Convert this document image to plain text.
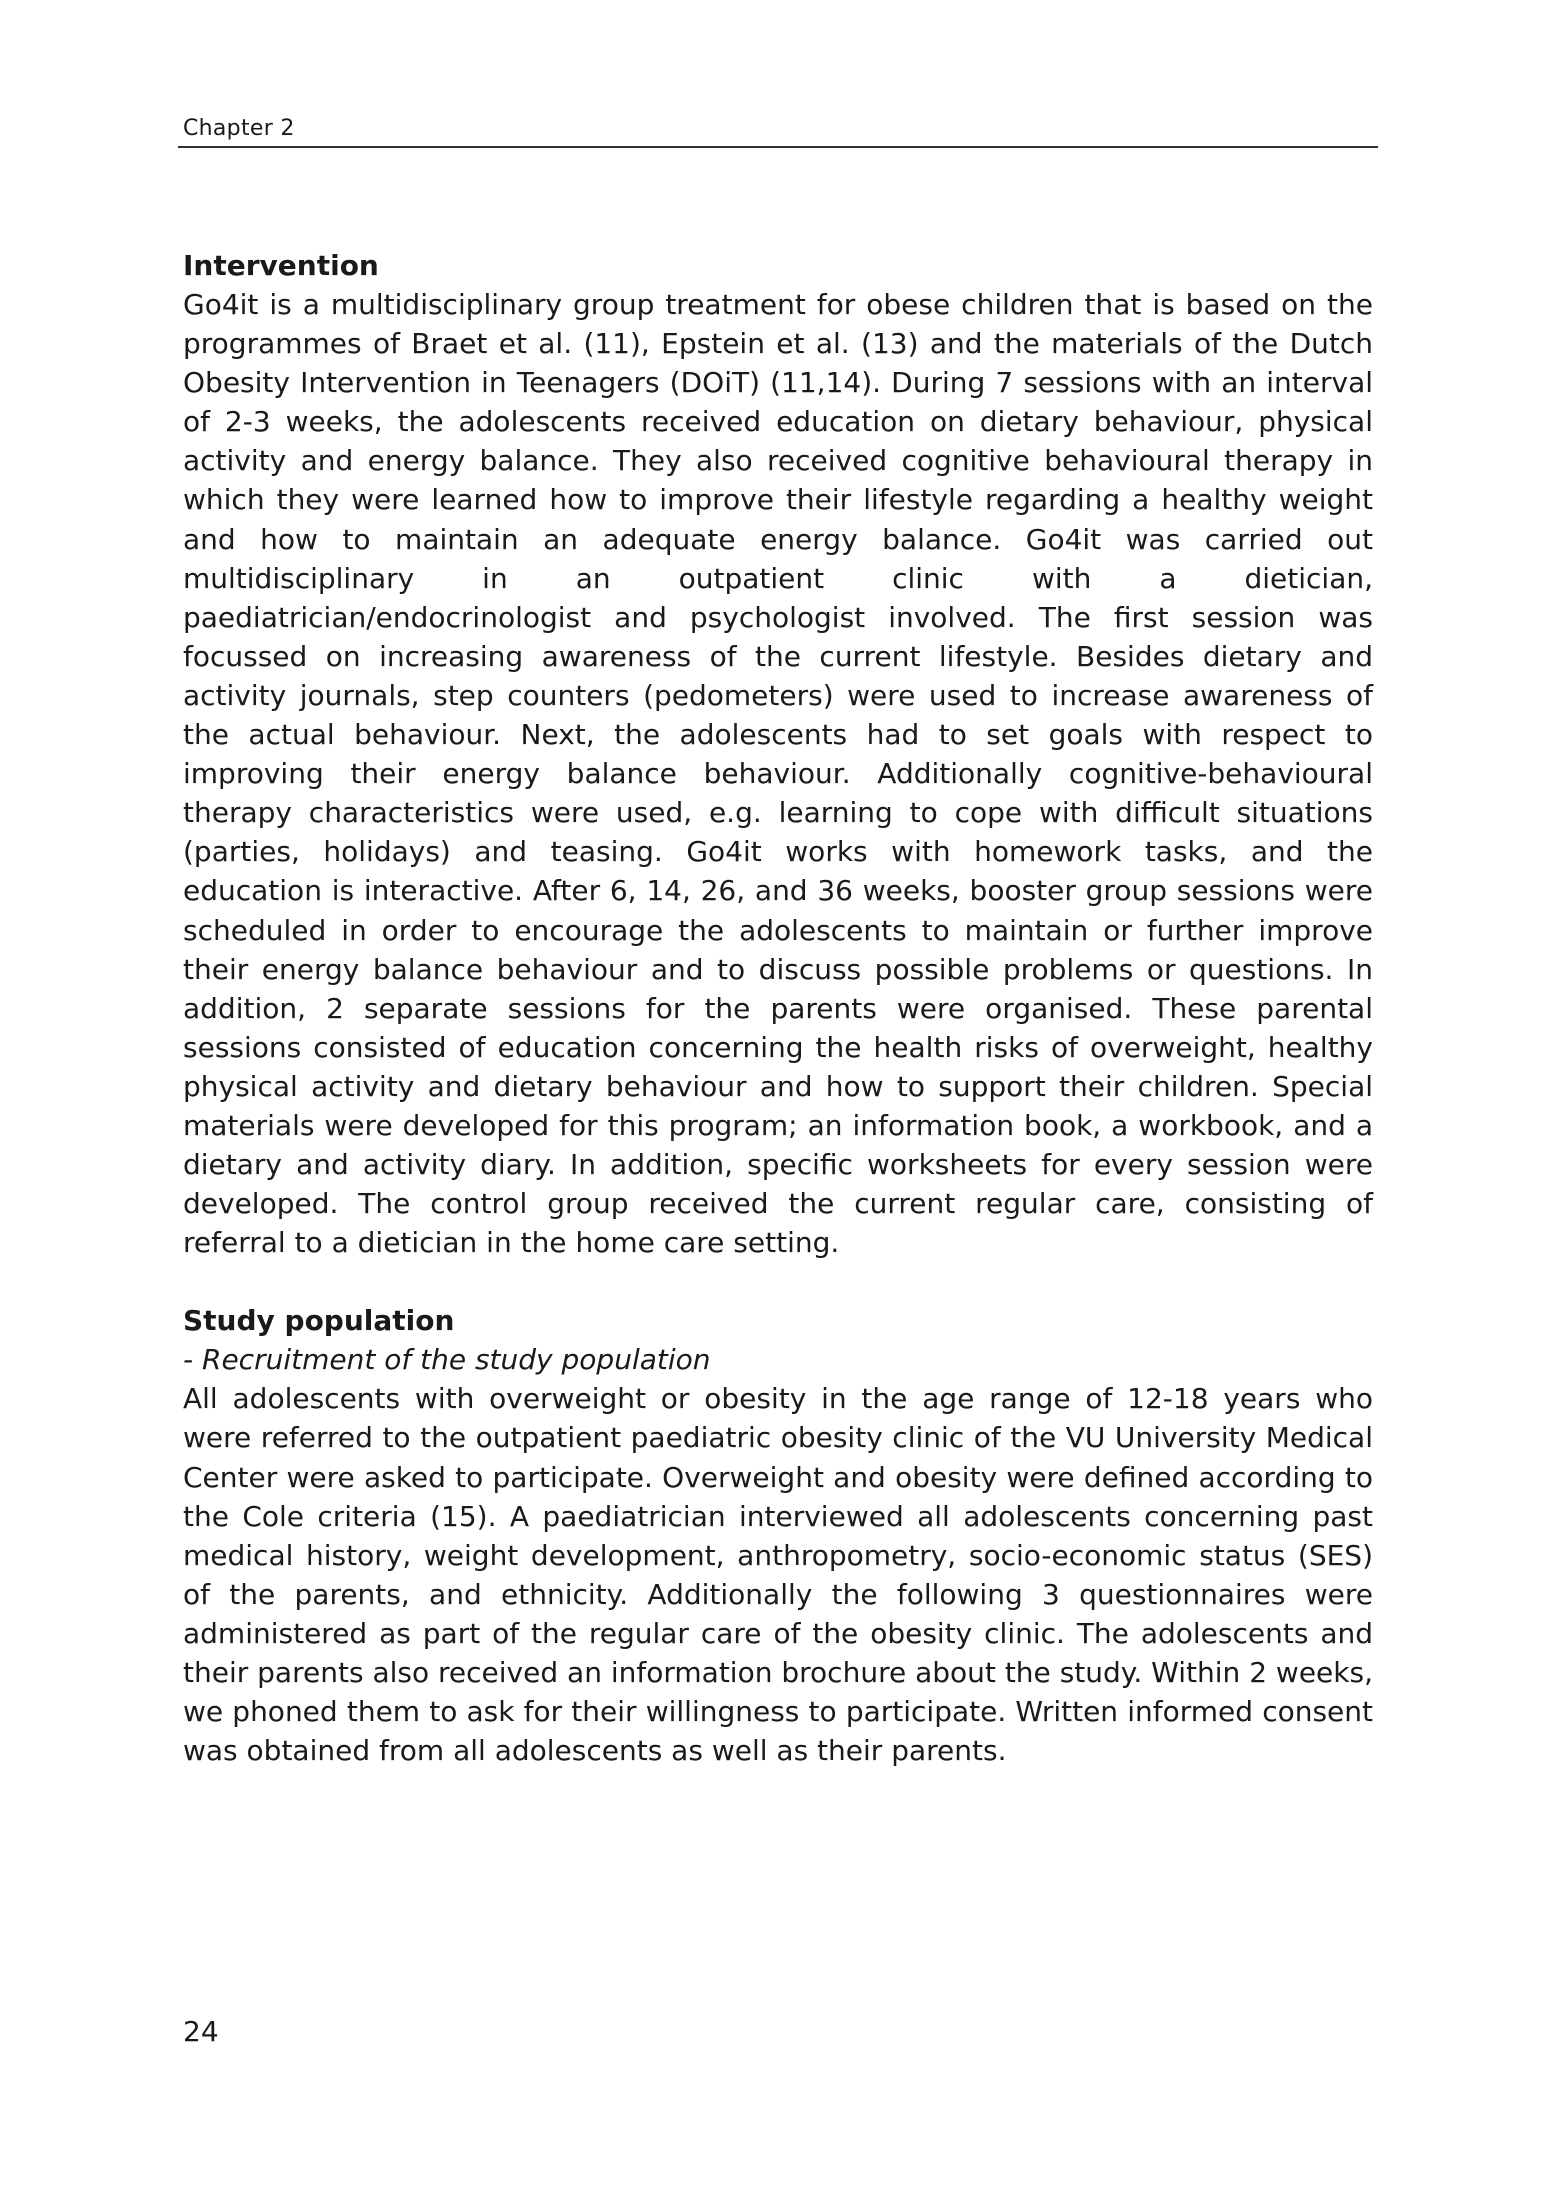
Chapter 2
Intervention

Go4it is a multidisciplinary group treatment for obese children that is based on the programmes of Braet et al. (11), Epstein et al. (13) and the materials of the Dutch Obesity Intervention in Teenagers (DOiT) (11,14). During 7 sessions with an interval of 2-3 weeks, the adolescents received education on dietary behaviour, physical activity and energy balance. They also received cognitive behavioural therapy in which they were learned how to improve their lifestyle regarding a healthy weight and how to maintain an adequate energy balance. Go4it was carried out multidisciplinary in an outpatient clinic with a dietician, paediatrician/endocrinologist and psychologist involved. The first session was focussed on increasing awareness of the current lifestyle. Besides dietary and activity journals, step counters (pedometers) were used to increase awareness of the actual behaviour. Next, the adolescents had to set goals with respect to improving their energy balance behaviour. Additionally cognitive-behavioural therapy characteristics were used, e.g. learning to cope with difficult situations (parties, holidays) and teasing. Go4it works with homework tasks, and the education is interactive. After 6, 14, 26, and 36 weeks, booster group sessions were scheduled in order to encourage the adolescents to maintain or further improve their energy balance behaviour and to discuss possible problems or questions. In addition, 2 separate sessions for the parents were organised. These parental sessions consisted of education concerning the health risks of overweight, healthy physical activity and dietary behaviour and how to support their children. Special materials were developed for this program; an information book, a workbook, and a dietary and activity diary. In addition, specific worksheets for every session were developed. The control group received the current regular care, consisting of referral to a dietician in the home care setting.

Study population

- Recruitment of the study population

All adolescents with overweight or obesity in the age range of 12-18 years who were referred to the outpatient paediatric obesity clinic of the VU University Medical Center were asked to participate. Overweight and obesity were defined according to the Cole criteria (15). A paediatrician interviewed all adolescents concerning past medical history, weight development, anthropometry, socio-economic status (SES) of the parents, and ethnicity. Additionally the following 3 questionnaires were administered as part of the regular care of the obesity clinic. The adolescents and their parents also received an information brochure about the study. Within 2 weeks, we phoned them to ask for their willingness to participate. Written informed consent was obtained from all adolescents as well as their parents.

24
